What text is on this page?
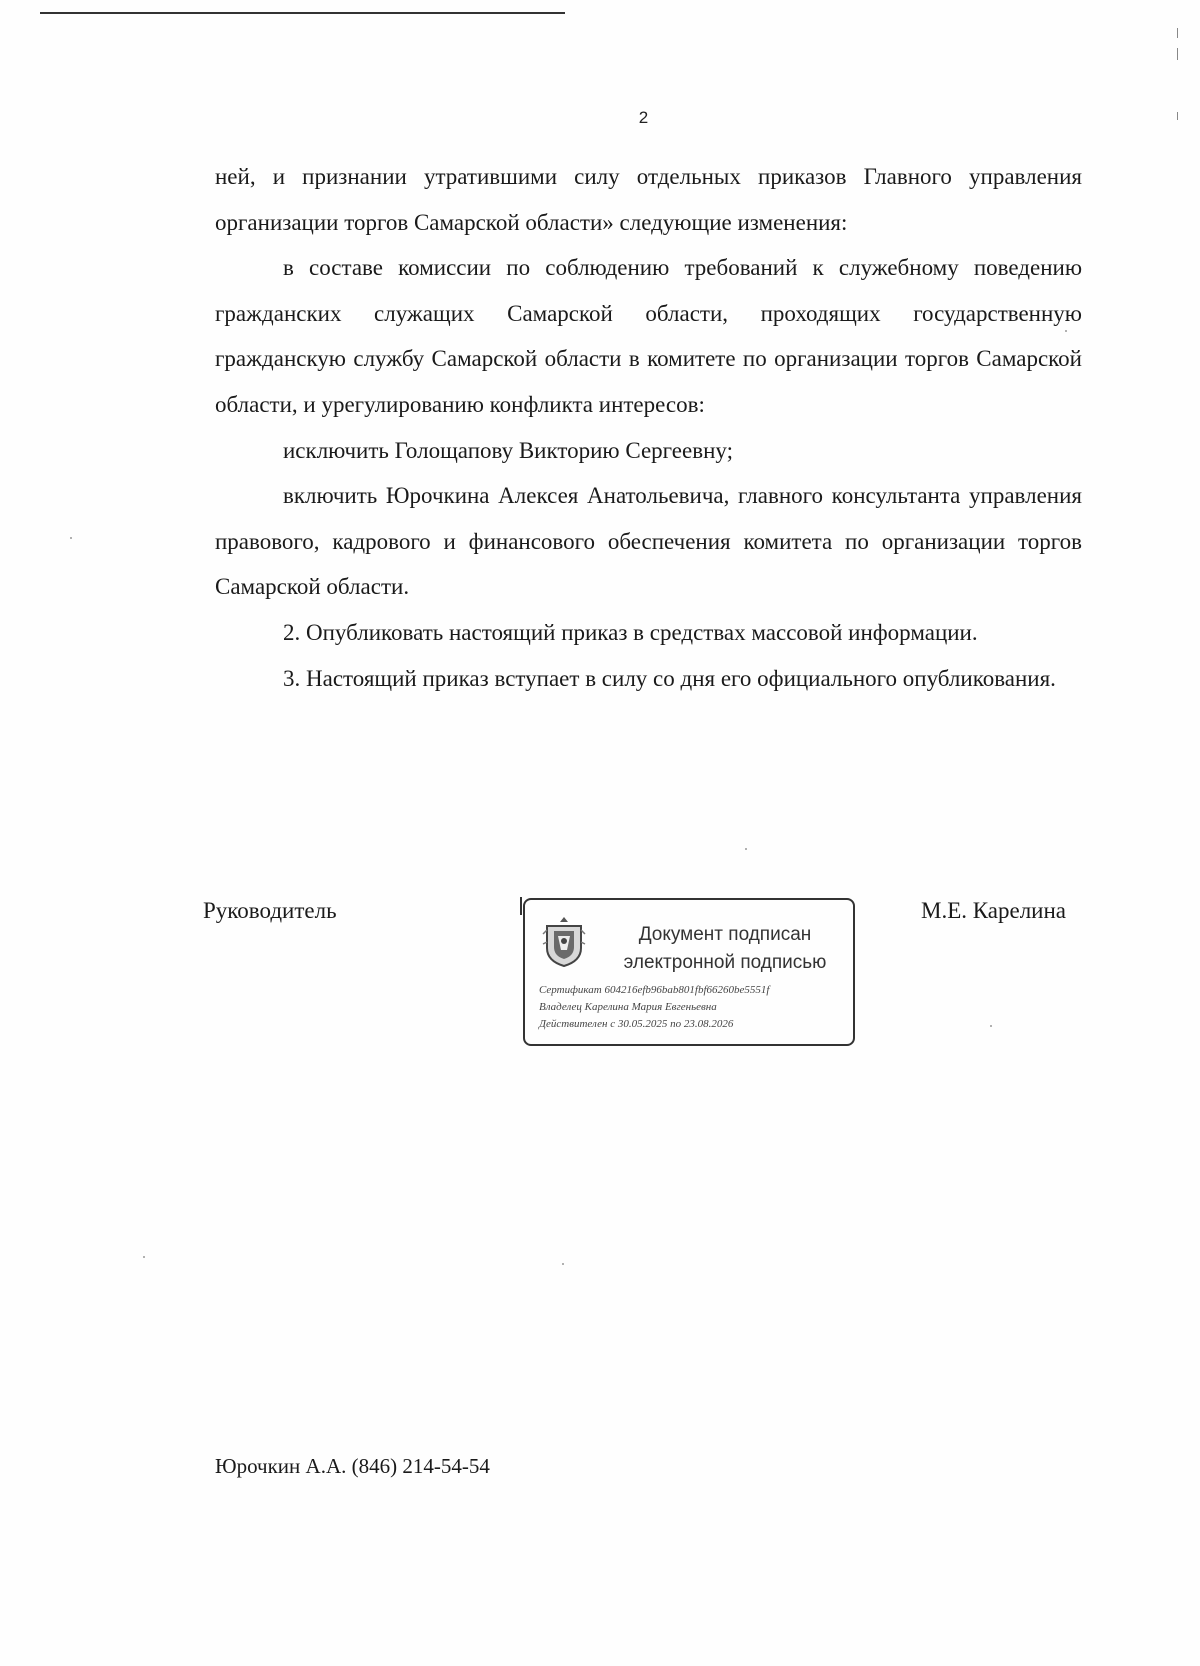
2

ней, и признании утратившими силу отдельных приказов Главного управления организации торгов Самарской области» следующие изменения:

в составе комиссии по соблюдению требований к служебному поведению гражданских служащих Самарской области, проходящих государственную гражданскую службу Самарской области в комитете по организации торгов Самарской области, и урегулированию конфликта интересов:

исключить Голощапову Викторию Сергеевну;

включить Юрочкина Алексея Анатольевича, главного консультанта управления правового, кадрового и финансового обеспечения комитета по организации торгов Самарской области.

2. Опубликовать настоящий приказ в средствах массовой информации.

3. Настоящий приказ вступает в силу со дня его официального опубликования.

Руководитель
Документ подписан
электронной подписью
Сертификат 604216efb96bab801fbf66260be5551f
Владелец Карелина Мария Евгеньевна
Действителен с 30.05.2025 по 23.08.2026
М.Е. Карелина
Юрочкин А.А. (846) 214-54-54
